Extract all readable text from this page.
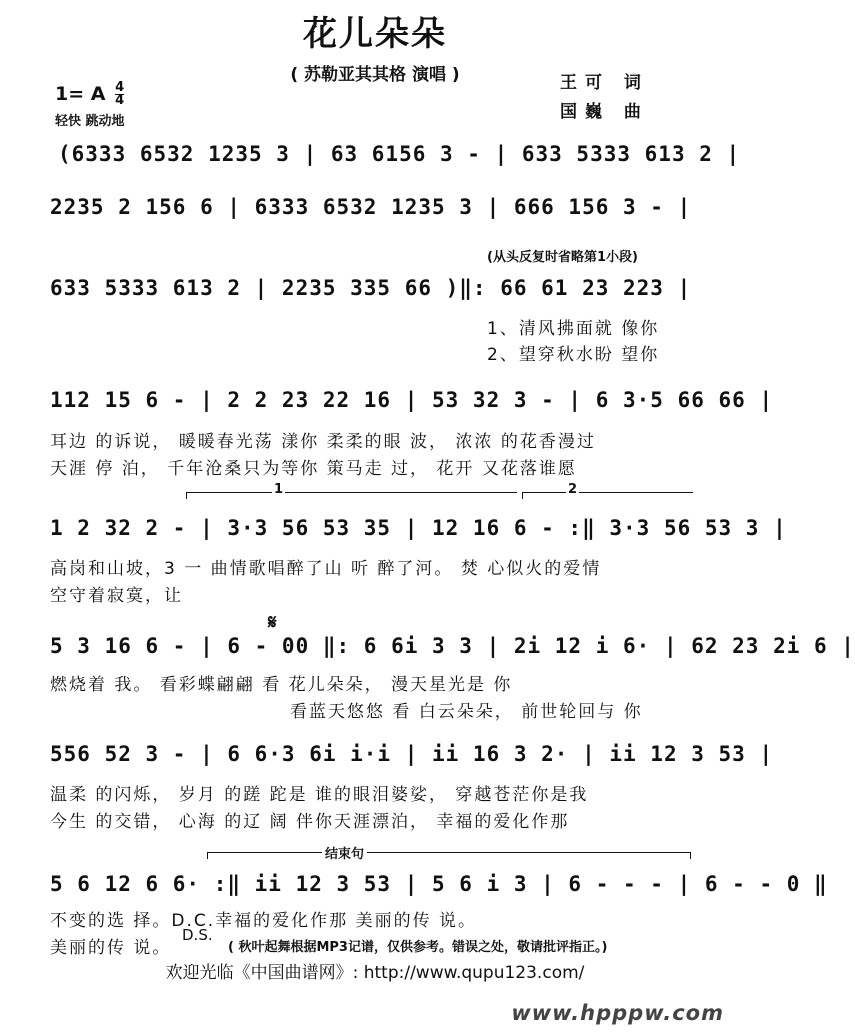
花儿朵朵
( 苏勒亚其其格 演唱 )	王可 词
国巍 曲
1= A $\frac{4}{4}$
轻快 跳动地
(6333 6532 1235 3 | 63 6156 3 - | 633 5333 613 2 |
2235 2 156 6 | 6333 6532 1235 3 | 666 156 3 - |
(从头反复时省略第1小段)
633 5333 613 2 | 2235 335 66 )‖: 66 61 23 223 |
1、清风拂面就 像你
2、望穿秋水盼 望你
112 15 6 - | 2 2 23 22 16 | 53 32 3 - | 6 3·5 66 66 |
耳边 的诉说， 暖暖春光荡 漾你 柔柔的眼 波， 浓浓 的花香漫过
天涯 停 泊， 千年沧桑只为等你 策马走 过， 花开 又花落谁愿
1	2
1 2 32 2 - | 3·3 56 53 35 | 12 16 6 - :‖ 3·3 56 53 3 |
高岗和山坡，3 一 曲情歌唱醉了山 听 醉了河。 焚 心似火的爱情
空守着寂寞，让
𝄋
5 3 16 6 - | 6 - 00 ‖: 6 6i 3 3 | 2i 12 i 6· | 62 23 2i 6 |
燃烧着 我。 看彩蝶翩翩 看 花儿朵朵， 漫天星光是 你
看蓝天悠悠 看 白云朵朵， 前世轮回与 你
556 52 3 - | 6 6·3 6i i·i | ii 16 3 2· | ii 12 3 53 |
温柔 的闪烁， 岁月 的蹉 跎是 谁的眼泪婆娑， 穿越苍茫你是我
今生 的交错， 心海 的辽 阔 伴你天涯漂泊， 幸福的爱化作那
结束句
5 6 12 6 6· :‖ ii 12 3 53 | 5 6 i 3 | 6 - - - | 6 - - 0 ‖
不变的选 择。D.C.幸福的爱化作那 美丽的传 说。
美丽的传 说。
D.S.
( 秋叶起舞根据MP3记谱，仅供参考。错误之处，敬请批评指正。)
欢迎光临《中国曲谱网》: http://www.qupu123.com/
www.hpppw.com
